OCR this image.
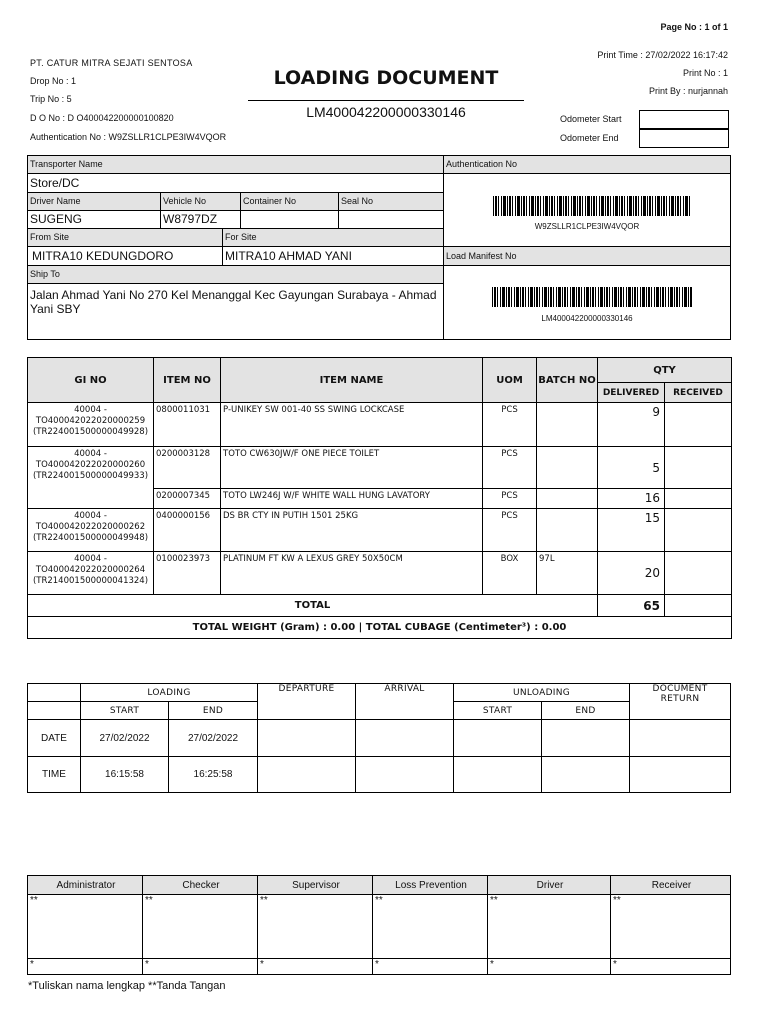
Page No : 1 of 1
Print Time : 27/02/2022 16:17:42
Print No : 1
Print By : nurjannah
PT. CATUR MITRA SEJATI SENTOSA
Drop No : 1
Trip No : 5
D O No : D O400042200000100820
Authentication No : W9ZSLLR1CLPE3IW4VQOR
LOADING DOCUMENT
LM400042200000330146	Odometer Start
Odometer End
Transporter Name
Store/DC
Driver Name	Vehicle No	Container No	Seal No
SUGENG	W8797DZ
From Site	For Site
MITRA10 KEDUNGDORO	MITRA10 AHMAD YANI
Ship To
Jalan Ahmad Yani No 270 Kel Menanggal Kec Gayungan Surabaya - Ahmad Yani SBY
Authentication No
W9ZSLLR1CLPE3IW4VQOR
Load Manifest No
LM400042200000330146
GI NO	ITEM NO	ITEM NAME	UOM	BATCH NO	QTY	
					DELIVERED	RECEIVED
40004 - TO400042022020000259 (TR224001500000049928)	0800011031	P-UNIKEY SW 001-40 SS SWING LOCKCASE	PCS		9	
40004 - TO400042022020000260 (TR224001500000049933)	0200003128	TOTO CW630JW/F ONE PIECE TOILET	PCS		5	
	0200007345	TOTO LW246J W/F WHITE WALL HUNG LAVATORY	PCS		16	
40004 - TO400042022020000262 (TR224001500000049948)	0400000156	DS BR CTY IN PUTIH 1501 25KG	PCS		15	
40004 - TO400042022020000264 (TR214001500000041324)	0100023973	PLATINUM FT KW A LEXUS GREY 50X50CM	BOX	97L	20	
TOTAL					65	
TOTAL WEIGHT (Gram) : 0.00 | TOTAL CUBAGE (Centimeter³) : 0.00						
	LOADING		DEPARTURE	ARRIVAL	UNLOADING		DOCUMENT RETURN
	START	END			START	END	
DATE	27/02/2022	27/02/2022					
TIME	16:15:58	16:25:58					
Administrator	Checker	Supervisor	Loss Prevention	Driver	Receiver
**	**	**	**	**	**
*	*	*	*	*	*
*Tuliskan nama lengkap **Tanda Tangan
